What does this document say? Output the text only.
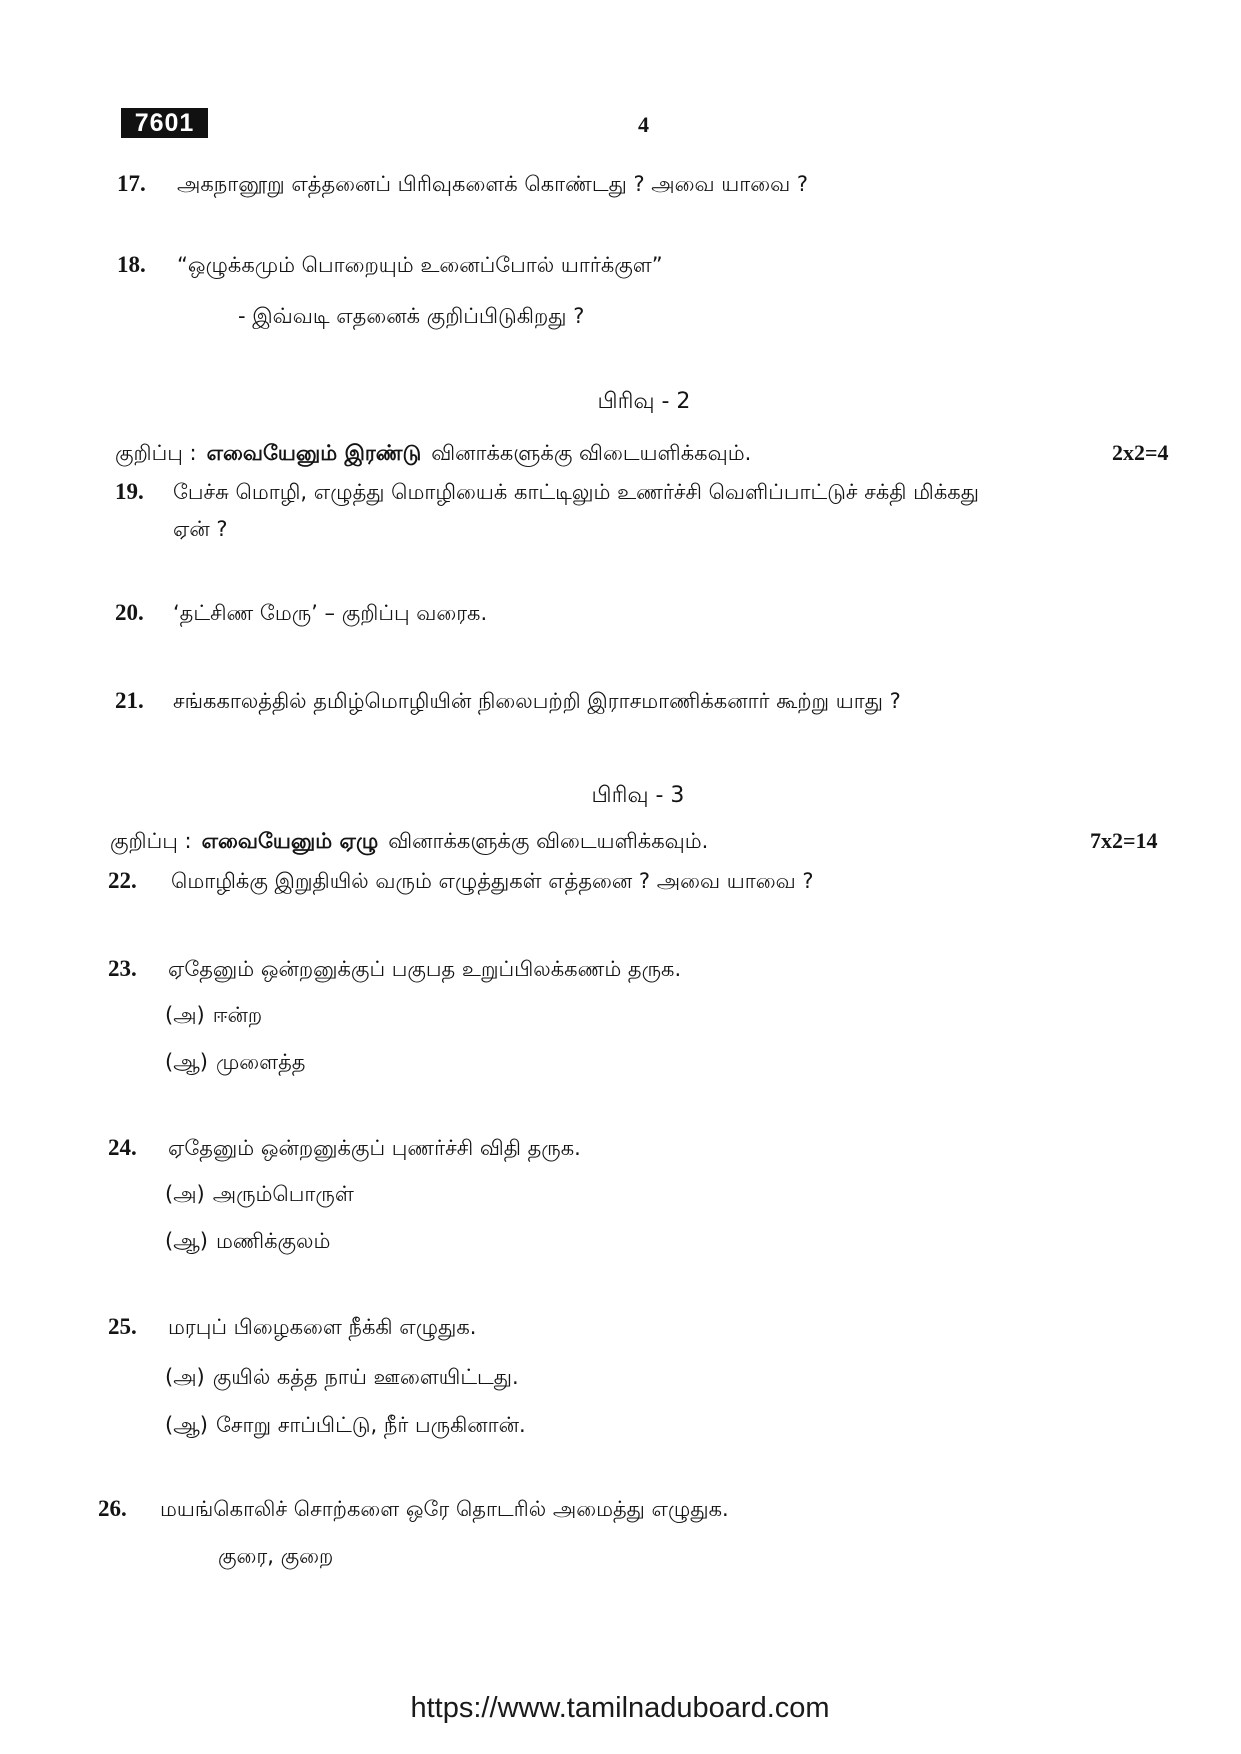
7601	4
17. அகநானூறு எத்தனைப் பிரிவுகளைக் கொண்டது ? அவை யாவை ?
18. “ஒழுக்கமும் பொறையும் உனைப்போல் யார்க்குள”
- இவ்வடி எதனைக் குறிப்பிடுகிறது ?
பிரிவு - 2
குறிப்பு : எவையேனும் இரண்டு வினாக்களுக்கு விடையளிக்கவும்.	2x2=4
19. பேச்சு மொழி, எழுத்து மொழியைக் காட்டிலும் உணர்ச்சி வெளிப்பாட்டுச் சக்தி மிக்கது
ஏன் ?
20. ‘தட்சிண மேரு’ – குறிப்பு வரைக.
21. சங்ககாலத்தில் தமிழ்மொழியின் நிலைபற்றி இராசமாணிக்கனார் கூற்று யாது ?
பிரிவு - 3
குறிப்பு : எவையேனும் ஏழு வினாக்களுக்கு விடையளிக்கவும்.	7x2=14
22. மொழிக்கு இறுதியில் வரும் எழுத்துகள் எத்தனை ? அவை யாவை ?
23. ஏதேனும் ஒன்றனுக்குப் பகுபத உறுப்பிலக்கணம் தருக.
(அ) ஈன்ற
(ஆ) முளைத்த
24. ஏதேனும் ஒன்றனுக்குப் புணர்ச்சி விதி தருக.
(அ) அரும்பொருள்
(ஆ) மணிக்குலம்
25. மரபுப் பிழைகளை நீக்கி எழுதுக.
(அ) குயில் கத்த நாய் ஊளையிட்டது.
(ஆ) சோறு சாப்பிட்டு, நீர் பருகினான்.
26. மயங்கொலிச் சொற்களை ஒரே தொடரில் அமைத்து எழுதுக.
குரை, குறை
https://www.tamilnaduboard.com
